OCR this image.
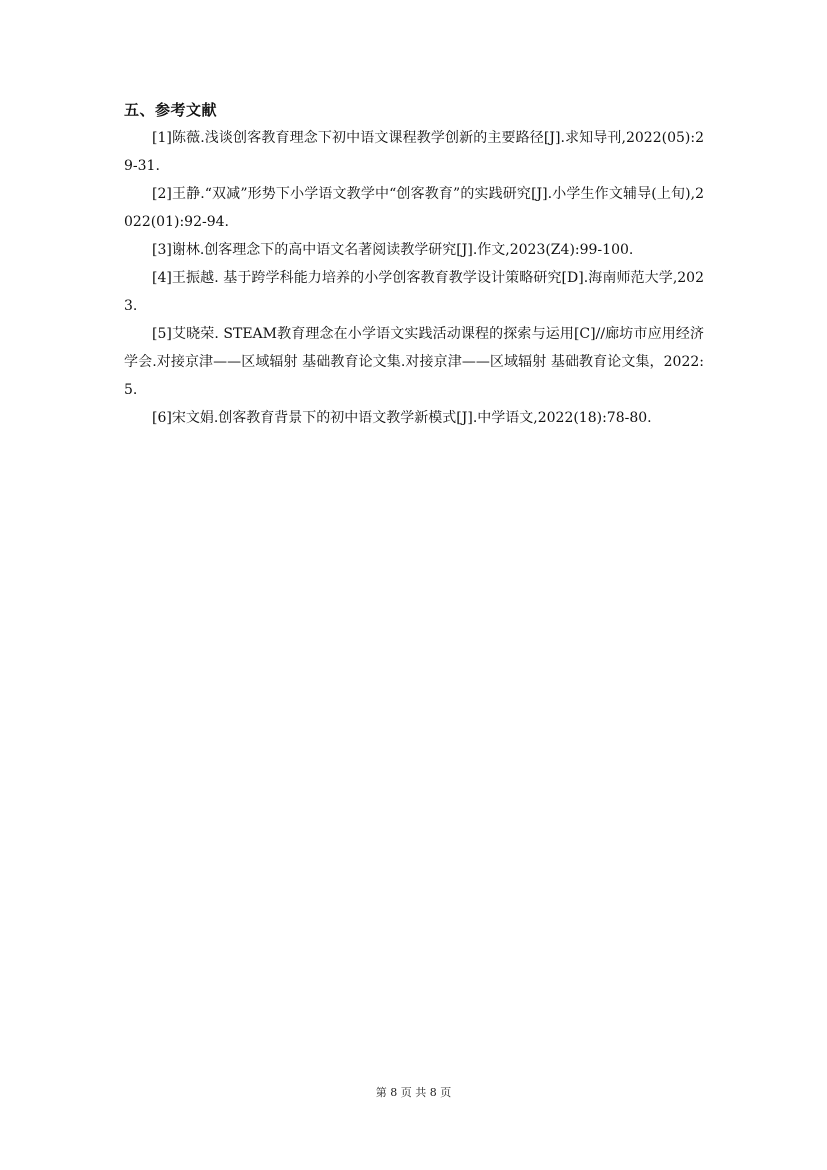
五、参考文献

[1]陈薇.浅谈创客教育理念下初中语文课程教学创新的主要路径[J].求知导刊,2022(05):29-31.

[2]王静.“双减”形势下小学语文教学中“创客教育”的实践研究[J].小学生作文辅导(上旬),2022(01):92-94.

[3]谢林.创客理念下的高中语文名著阅读教学研究[J].作文,2023(Z4):99-100.

[4]王振越. 基于跨学科能力培养的小学创客教育教学设计策略研究[D].海南师范大学,2023.

[5]艾晓荣. STEAM教育理念在小学语文实践活动课程的探索与运用[C]//廊坊市应用经济学会.对接京津——区域辐射 基础教育论文集.对接京津——区域辐射 基础教育论文集，2022:5.

[6]宋文娟.创客教育背景下的初中语文教学新模式[J].中学语文,2022(18):78-80.

第 8 页 共 8 页
